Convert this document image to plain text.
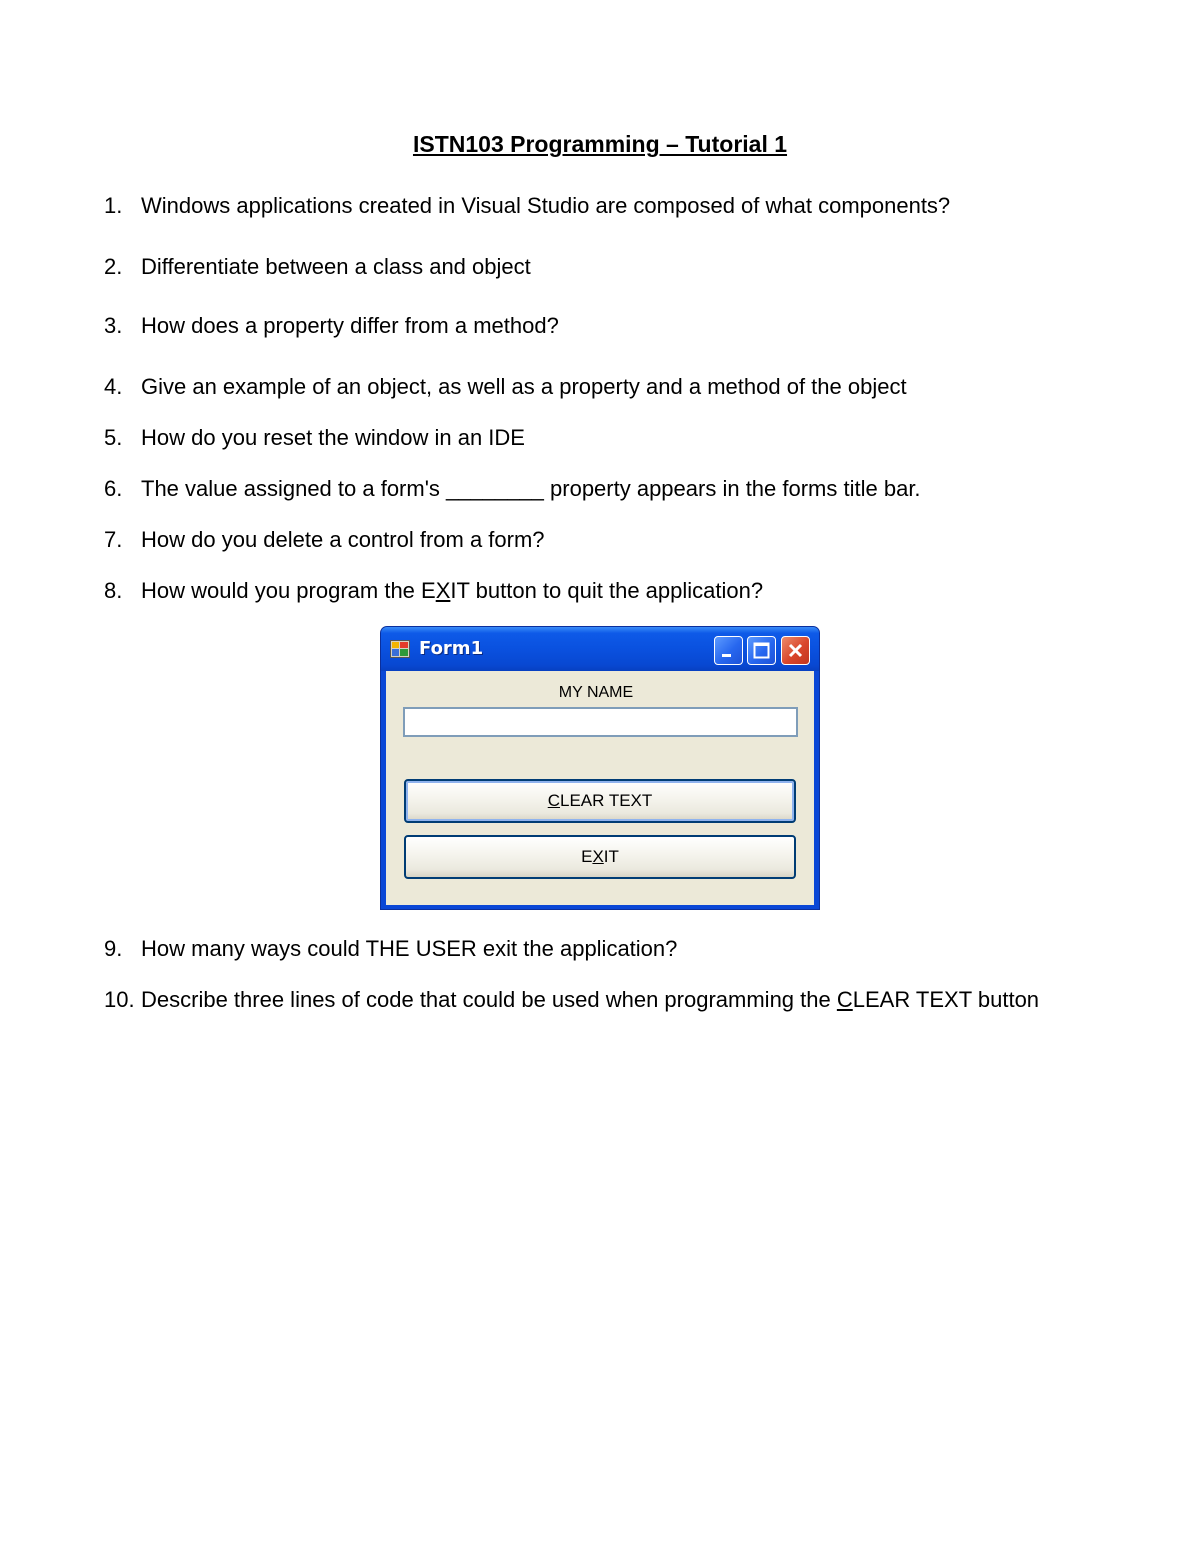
ISTN103 Programming – Tutorial 1
1. Windows applications created in Visual Studio are composed of what components?
2. Differentiate between a class and object
3. How does a property differ from a method?
4. Give an example of an object, as well as a property and a method of the object
5. How do you reset the window in an IDE
6. The value assigned to a form's ________ property appears in the forms title bar.
7. How do you delete a control from a form?
8. How would you program the EXIT button to quit the application?
Form1
MY NAME
CLEAR TEXT
EXIT
9. How many ways could THE USER exit the application?
10. Describe three lines of code that could be used when programming the CLEAR TEXT button
